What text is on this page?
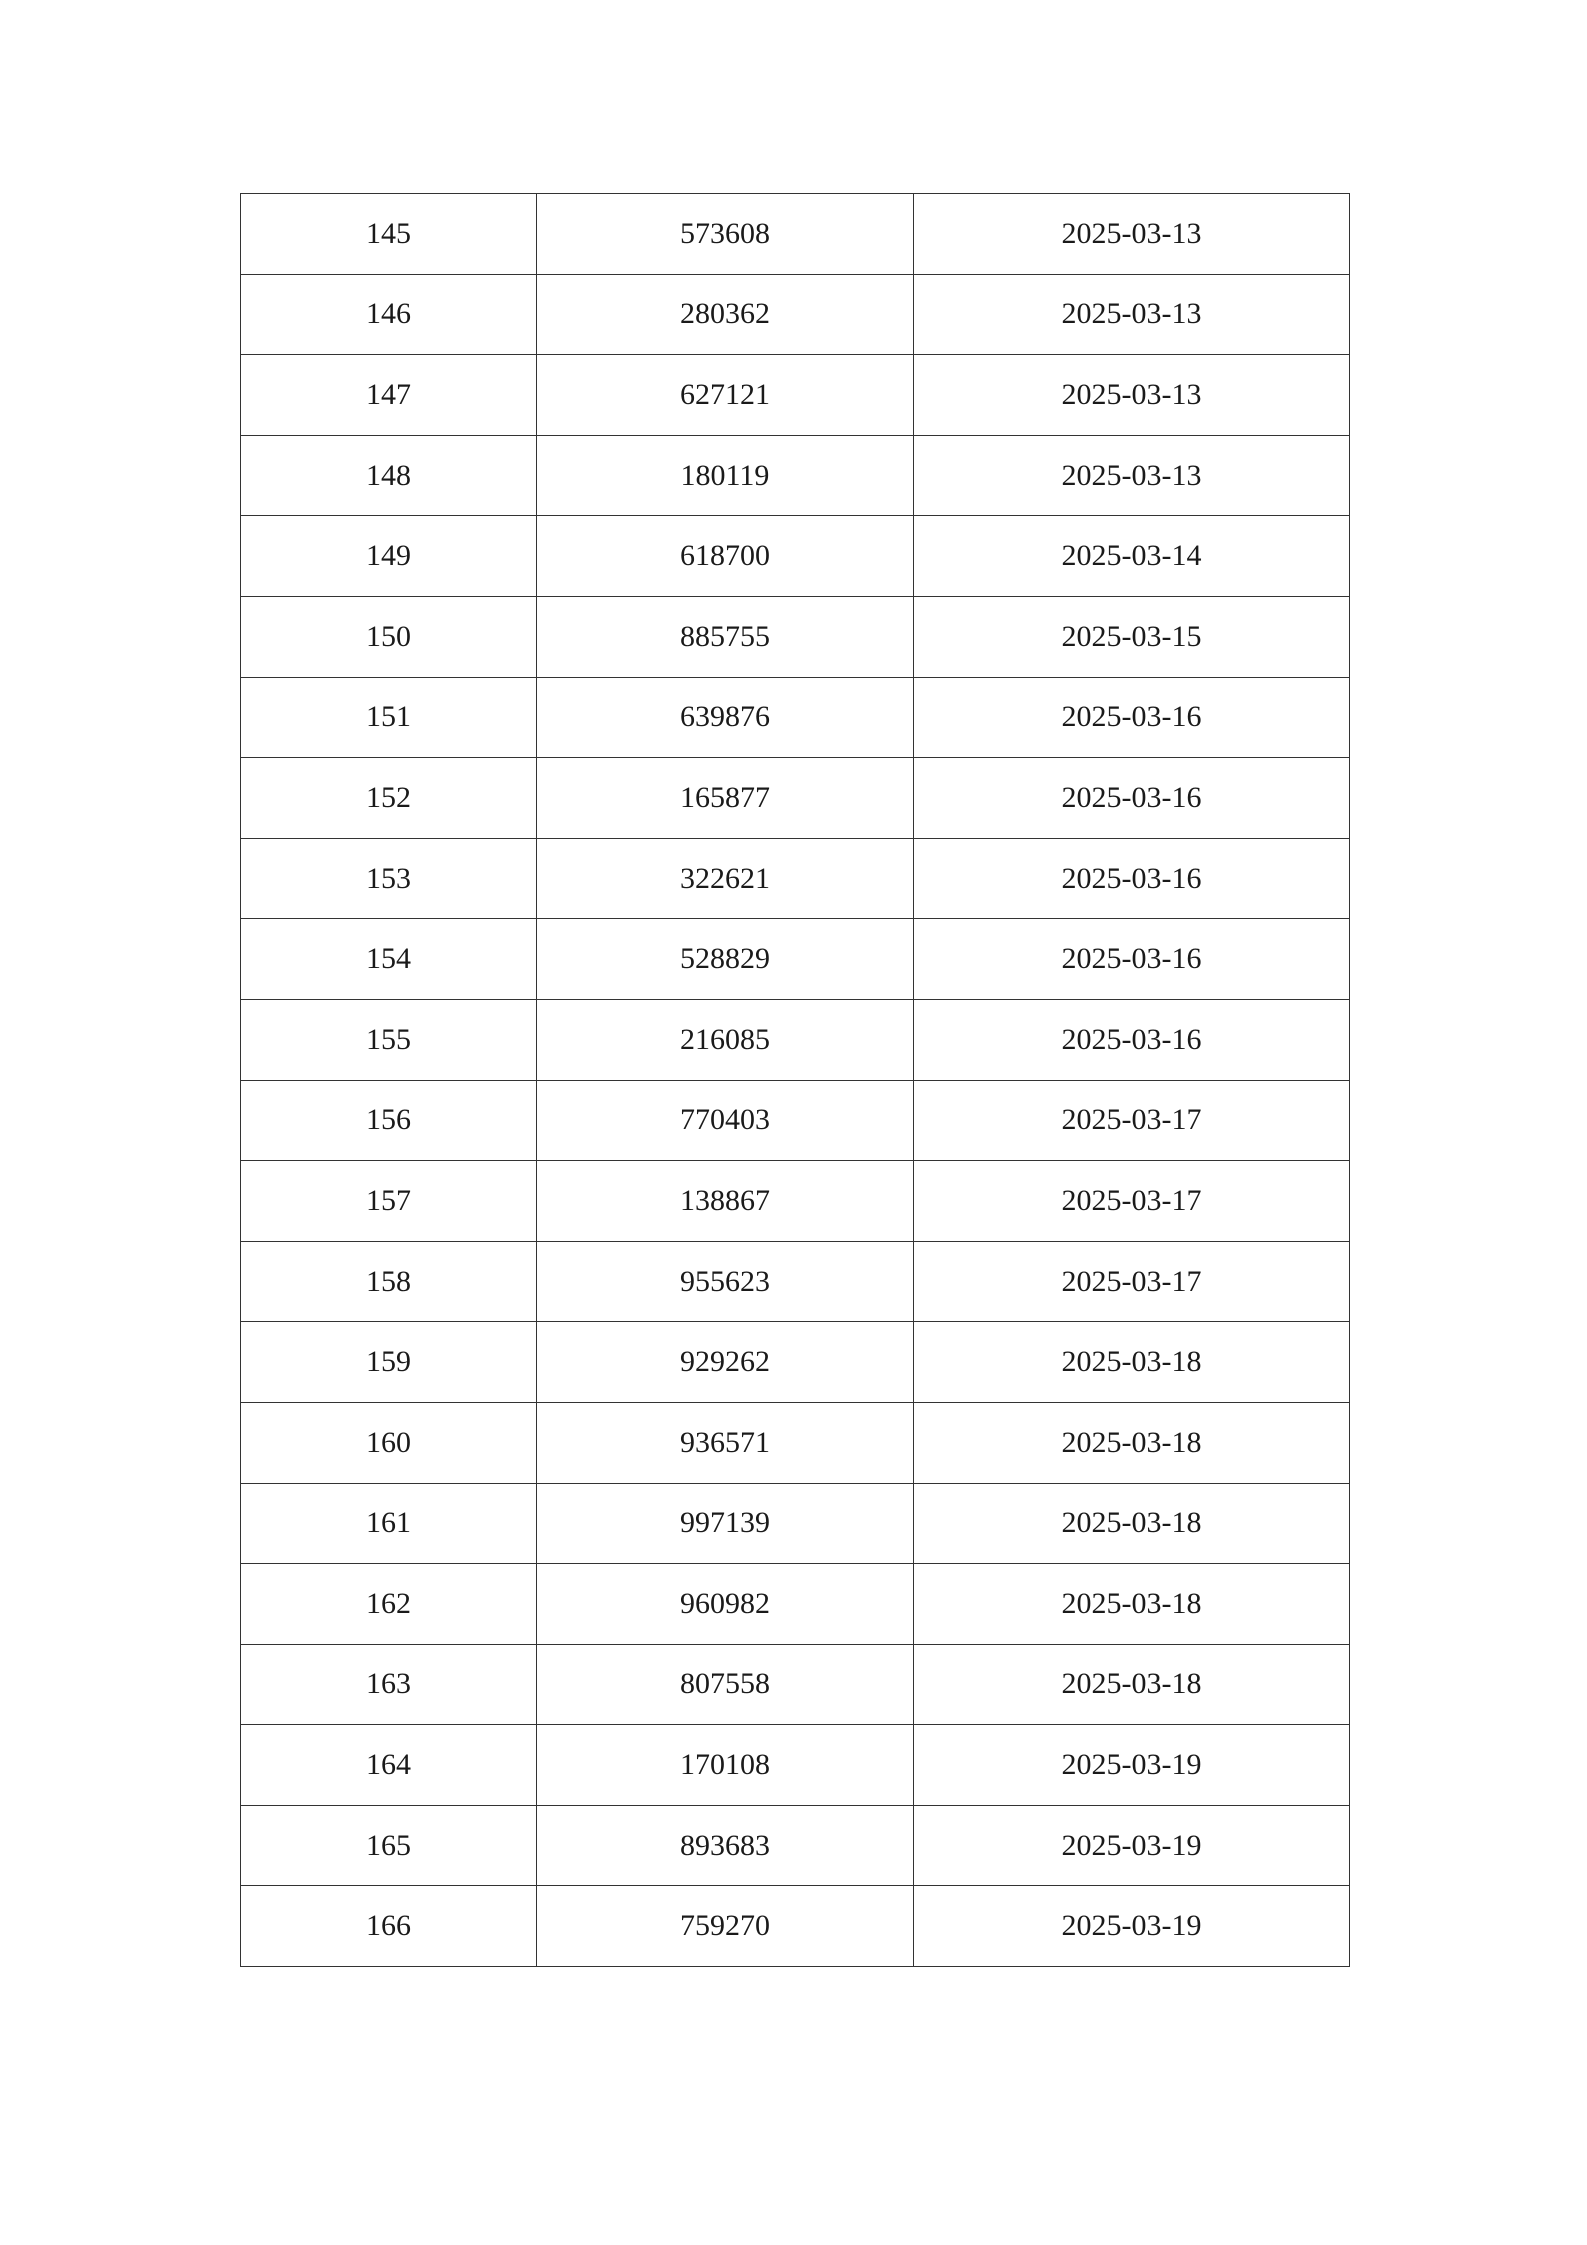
145	573608	2025-03-13
146	280362	2025-03-13
147	627121	2025-03-13
148	180119	2025-03-13
149	618700	2025-03-14
150	885755	2025-03-15
151	639876	2025-03-16
152	165877	2025-03-16
153	322621	2025-03-16
154	528829	2025-03-16
155	216085	2025-03-16
156	770403	2025-03-17
157	138867	2025-03-17
158	955623	2025-03-17
159	929262	2025-03-18
160	936571	2025-03-18
161	997139	2025-03-18
162	960982	2025-03-18
163	807558	2025-03-18
164	170108	2025-03-19
165	893683	2025-03-19
166	759270	2025-03-19
